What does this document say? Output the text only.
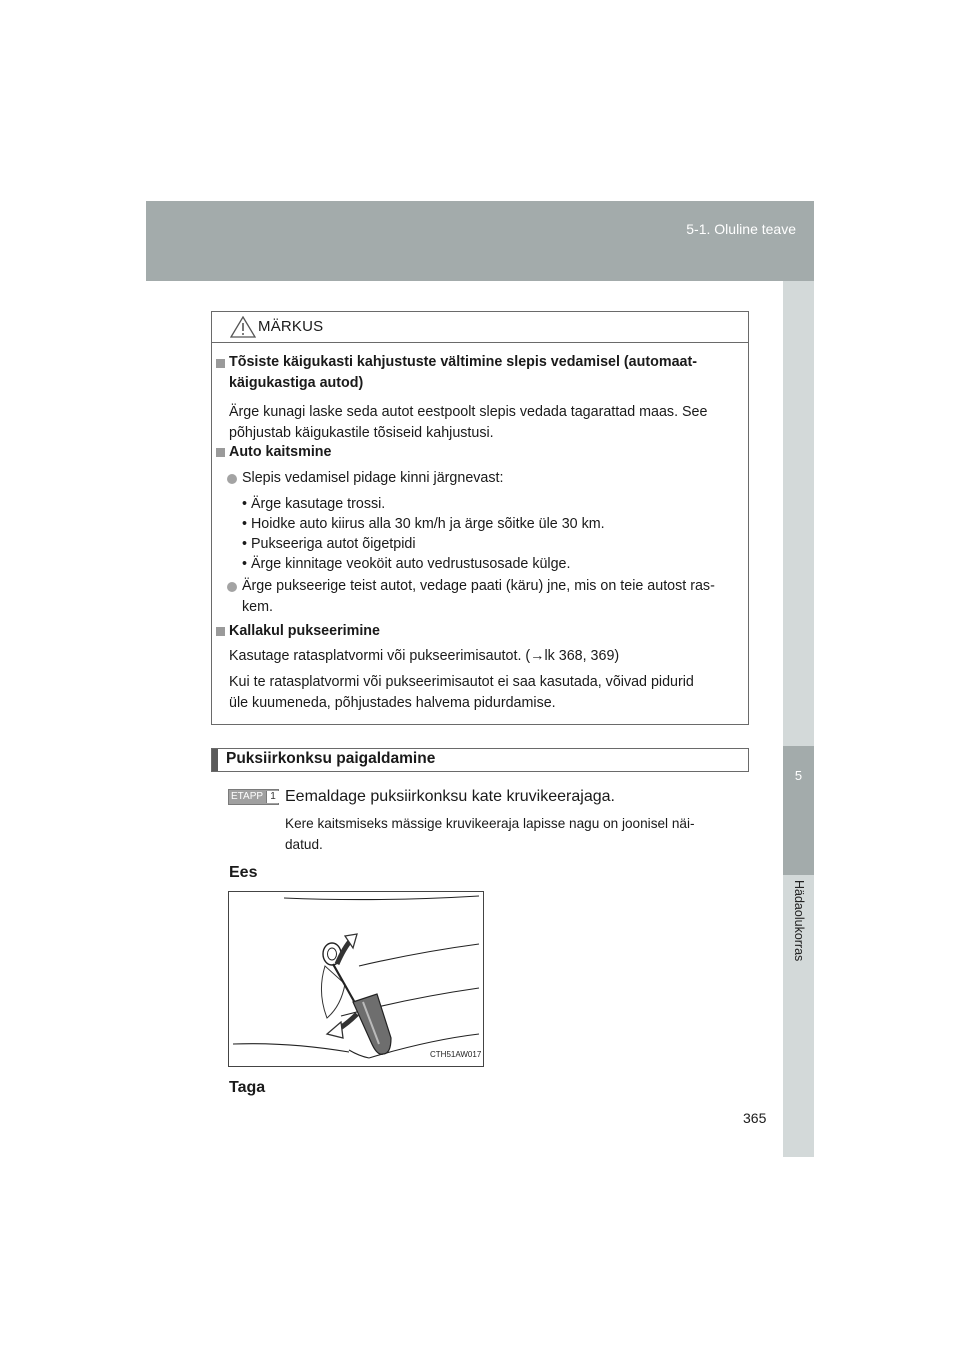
5-1. Oluline teave
5
Hädaolukorras
MÄRKUS
Tõsiste käigukasti kahjustuste vältimine slepis vedamisel (automaat-
käigukastiga autod)
Ärge kunagi laske seda autot eestpoolt slepis vedada tagarattad maas. See
põhjustab käigukastile tõsiseid kahjustusi.
Auto kaitsmine
Slepis vedamisel pidage kinni järgnevast:
• Ärge kasutage trossi.
• Hoidke auto kiirus alla 30 km/h ja ärge sõitke üle 30 km.
• Pukseeriga autot õigetpidi
• Ärge kinnitage veoköit auto vedrustusosade külge.
Ärge pukseerige teist autot, vedage paati (käru) jne, mis on teie autost ras-
kem.
Kallakul pukseerimine
Kasutage ratasplatvormi või pukseerimisautot. (→lk 368, 369)
Kui te ratasplatvormi või pukseerimisautot ei saa kasutada, võivad pidurid
üle kuumeneda, põhjustades halvema pidurdamise.
Puksiirkonksu paigaldamine
ETAPP 1 Eemaldage puksiirkonksu kate kruvikeerajaga.
Kere kaitsmiseks mässige kruvikeeraja lapisse nagu on joonisel näi-
datud.
Ees
CTH51AW017
Taga
365
